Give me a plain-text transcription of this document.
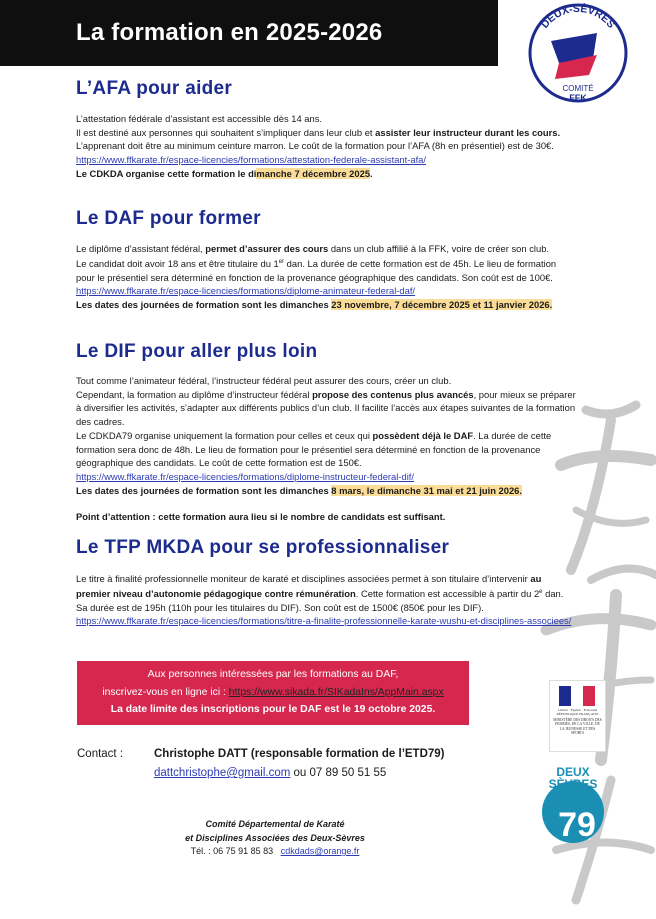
La formation en 2025-2026	DEUX-SÈVRES
COMITÉ
FFK
L’AFA pour aider

L’attestation fédérale d’assistant est accessible dès 14 ans.

Il est destiné aux personnes qui souhaitent s’impliquer dans leur club et assister leur instructeur durant les cours. L’apprenant doit être au minimum ceinture marron. Le coût de la formation pour l’AFA (8h en présentiel) est de 30€.

https://www.ffkarate.fr/espace-licencies/formations/attestation-federale-assistant-afa/

Le CDKDA organise cette formation le dimanche 7 décembre 2025.

Le DAF pour former

Le diplôme d’assistant fédéral, permet d’assurer des cours dans un club affilié à la FFK, voire de créer son club.

Le candidat doit avoir 18 ans et être titulaire du 1er dan. La durée de cette formation est de 45h. Le lieu de formation pour le présentiel sera déterminé en fonction de la provenance géographique des candidats. Son coût est de 100€.

https://www.ffkarate.fr/espace-licencies/formations/diplome-animateur-federal-daf/

Les dates des journées de formation sont les dimanches 23 novembre, 7 décembre 2025 et 11 janvier 2026.

Le DIF pour aller plus loin

Tout comme l’animateur fédéral, l’instructeur fédéral peut assurer des cours, créer un club.

Cependant, la formation au diplôme d’instructeur fédéral propose des contenus plus avancés, pour mieux se préparer à diversifier les activités, s’adapter aux différents publics d’un club. Il facilite l’accès aux étapes suivantes de la formation des cadres.

Le CDKDA79 organise uniquement la formation pour celles et ceux qui possèdent déjà le DAF. La durée de cette formation sera donc de 48h. Le lieu de formation pour le présentiel sera déterminé en fonction de la provenance géographique des candidats. Le coût de cette formation est de 150€.

https://www.ffkarate.fr/espace-licencies/formations/diplome-instructeur-federal-dif/

Les dates des journées de formation sont les dimanches 8 mars, le dimanche 31 mai et 21 juin 2026.

Point d’attention : cette formation aura lieu si le nombre de candidats est suffisant.

Le TFP MKDA pour se professionnaliser

Le titre à finalité professionnelle moniteur de karaté et disciplines associées permet à son titulaire d’intervenir au premier niveau d’autonomie pédagogique contre rémunération. Cette formation est accessible à partir du 2e dan. Sa durée est de 195h (110h pour les titulaires du DIF). Son coût est de 1500€ (850€ pour les DIF).

https://www.ffkarate.fr/espace-licencies/formations/titre-a-finalite-professionnelle-karate-wushu-et-disciplines-associees/

Aux personnes intéressées par les formations au DAF,
inscrivez-vous en ligne ici : https://www.sikada.fr/SIKadaIns/AppMain.aspx
La date limite des inscriptions pour le DAF est le 19 octobre 2025.	Liberté · Égalité · Fraternité RÉPUBLIQUE FRANÇAISE
MINISTÈRE DES DROITS DES FEMMES, DE LA VILLE, DE LA JEUNESSE ET DES SPORTS
Contact :	Christophe DATT (responsable formation de l’ETD79)
dattchristophe@gmail.com ou 07 89 50 51 55	DEUX
SÈVRES
LE DÉPARTEMENT
79
Comité Départemental de Karaté
et Disciplines Associées des Deux-Sèvres
Tél. : 06 75 91 85 83 cdkdads@orange.fr
